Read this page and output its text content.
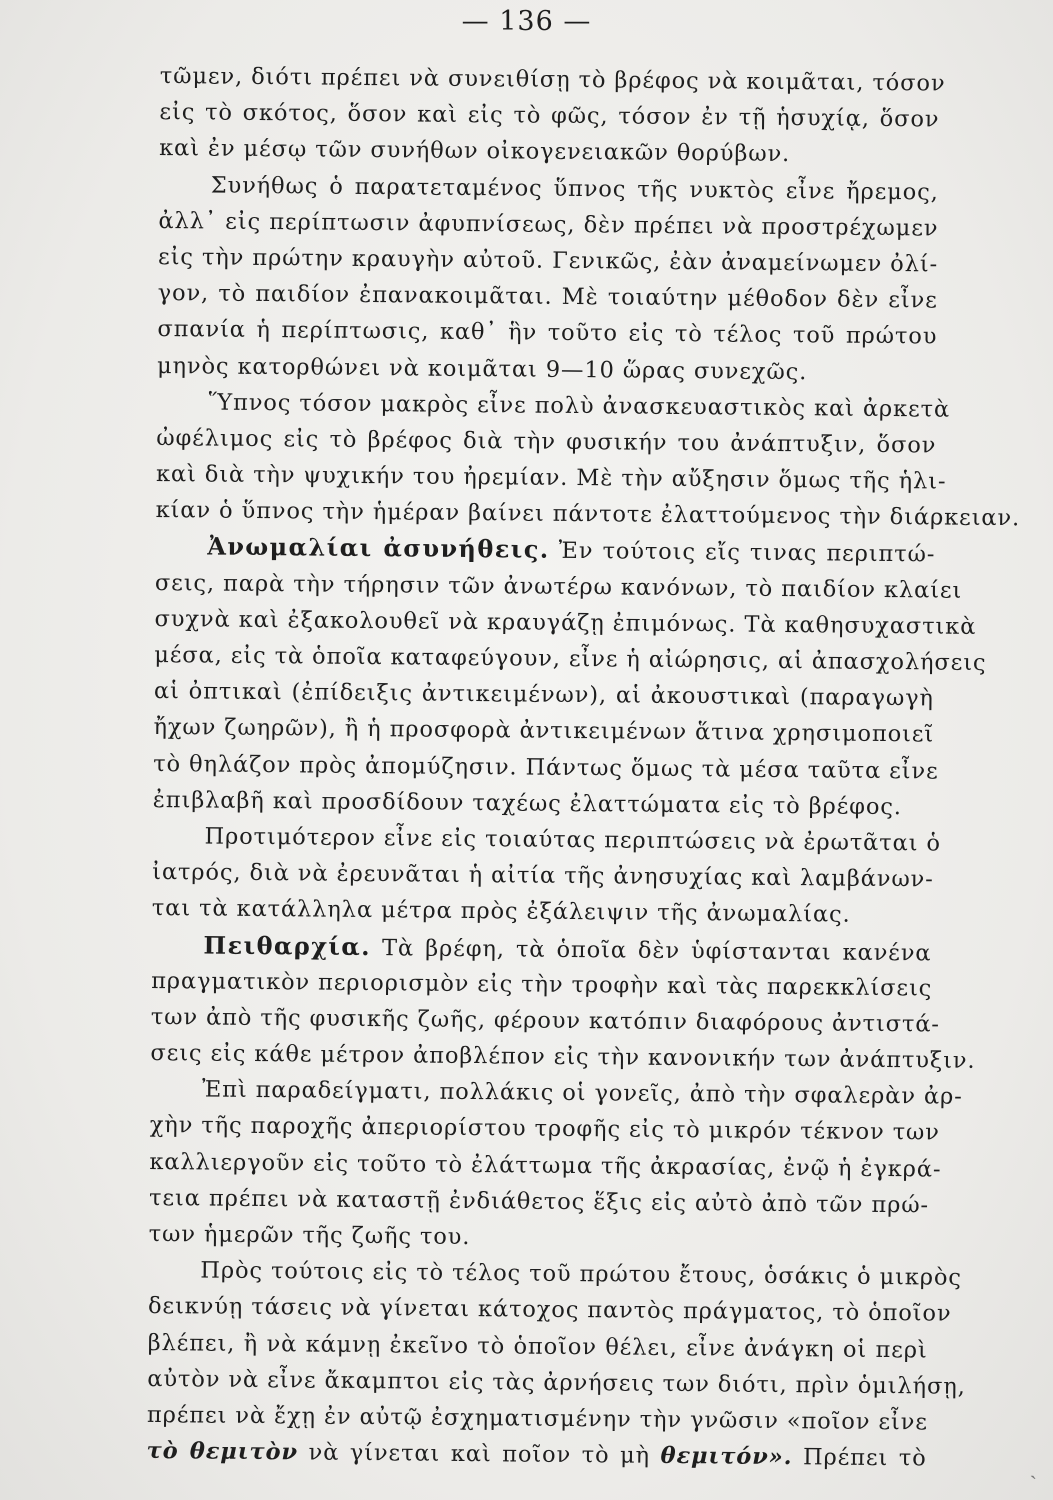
— 136 —
τῶμεν, διότι πρέπει νὰ συνειθίσῃ τὸ βρέφος νὰ κοιμᾶται, τόσον
εἰς τὸ σκότος, ὅσον καὶ εἰς τὸ φῶς, τόσον ἐν τῇ ἡσυχίᾳ, ὅσον
καὶ ἐν μέσῳ τῶν συνήθων οἰκογενειακῶν θορύβων.
Συνήθως ὁ παρατεταμένος ὕπνος τῆς νυκτὸς εἶνε ἤρεμος,
ἀλλ᾽ εἰς περίπτωσιν ἀφυπνίσεως, δὲν πρέπει νὰ προστρέχωμεν
εἰς τὴν πρώτην κραυγὴν αὐτοῦ. Γενικῶς, ἐὰν ἀναμείνωμεν ὀλί-
γον, τὸ παιδίον ἐπανακοιμᾶται. Μὲ τοιαύτην μέθοδον δὲν εἶνε
σπανία ἡ περίπτωσις, καθ᾽ ἣν τοῦτο εἰς τὸ τέλος τοῦ πρώτου
μηνὸς κατορθώνει νὰ κοιμᾶται 9—10 ὥρας συνεχῶς.
Ὕπνος τόσον μακρὸς εἶνε πολὺ ἀνασκευαστικὸς καὶ ἀρκετὰ
ὠφέλιμος εἰς τὸ βρέφος διὰ τὴν φυσικήν του ἀνάπτυξιν, ὅσον
καὶ διὰ τὴν ψυχικήν του ἠρεμίαν. Μὲ τὴν αὔξησιν ὅμως τῆς ἡλι-
κίαν ὁ ὕπνος τὴν ἡμέραν βαίνει πάντοτε ἐλαττούμενος τὴν διάρκειαν.
Ἀνωμαλίαι ἀσυνήθεις. Ἐν τούτοις εἴς τινας περιπτώ-
σεις, παρὰ τὴν τήρησιν τῶν ἀνωτέρω κανόνων, τὸ παιδίον κλαίει
συχνὰ καὶ ἐξακολουθεῖ νὰ κραυγάζῃ ἐπιμόνως. Τὰ καθησυχαστικὰ
μέσα, εἰς τὰ ὁποῖα καταφεύγουν, εἶνε ἡ αἰώρησις, αἱ ἀπασχολήσεις
αἱ ὀπτικαὶ (ἐπίδειξις ἀντικειμένων), αἱ ἀκουστικαὶ (παραγωγὴ
ἤχων ζωηρῶν), ἢ ἡ προσφορὰ ἀντικειμένων ἅτινα χρησιμοποιεῖ
τὸ θηλάζον πρὸς ἀπομύζησιν. Πάντως ὅμως τὰ μέσα ταῦτα εἶνε
ἐπιβλαβῆ καὶ προσδίδουν ταχέως ἐλαττώματα εἰς τὸ βρέφος.
Προτιμότερον εἶνε εἰς τοιαύτας περιπτώσεις νὰ ἐρωτᾶται ὁ
ἰατρός, διὰ νὰ ἐρευνᾶται ἡ αἰτία τῆς ἀνησυχίας καὶ λαμβάνων-
ται τὰ κατάλληλα μέτρα πρὸς ἐξάλειψιν τῆς ἀνωμαλίας.
Πειθαρχία. Τὰ βρέφη, τὰ ὁποῖα δὲν ὑφίστανται κανένα
πραγματικὸν περιορισμὸν εἰς τὴν τροφὴν καὶ τὰς παρεκκλίσεις
των ἀπὸ τῆς φυσικῆς ζωῆς, φέρουν κατόπιν διαφόρους ἀντιστά-
σεις εἰς κάθε μέτρον ἀποβλέπον εἰς τὴν κανονικήν των ἀνάπτυξιν.
Ἐπὶ παραδείγματι, πολλάκις οἱ γονεῖς, ἀπὸ τὴν σφαλερὰν ἀρ-
χὴν τῆς παροχῆς ἀπεριορίστου τροφῆς εἰς τὸ μικρόν τέκνον των
καλλιεργοῦν εἰς τοῦτο τὸ ἐλάττωμα τῆς ἀκρασίας, ἐνῷ ἡ ἐγκρά-
τεια πρέπει νὰ καταστῇ ἐνδιάθετος ἕξις εἰς αὐτὸ ἀπὸ τῶν πρώ-
των ἡμερῶν τῆς ζωῆς του.
Πρὸς τούτοις εἰς τὸ τέλος τοῦ πρώτου ἔτους, ὁσάκις ὁ μικρὸς
δεικνύῃ τάσεις νὰ γίνεται κάτοχος παντὸς πράγματος, τὸ ὁποῖον
βλέπει, ἢ νὰ κάμνῃ ἐκεῖνο τὸ ὁποῖον θέλει, εἶνε ἀνάγκη οἱ περὶ
αὐτὸν νὰ εἶνε ἄκαμπτοι εἰς τὰς ἀρνήσεις των διότι, πρὶν ὁμιλήσῃ,
πρέπει νὰ ἔχῃ ἐν αὐτῷ ἐσχηματισμένην τὴν γνῶσιν «ποῖον εἶνε
τὸ θεμιτὸν νὰ γίνεται καὶ ποῖον τὸ μὴ θεμιτόν». Πρέπει τὸ	ˎ
